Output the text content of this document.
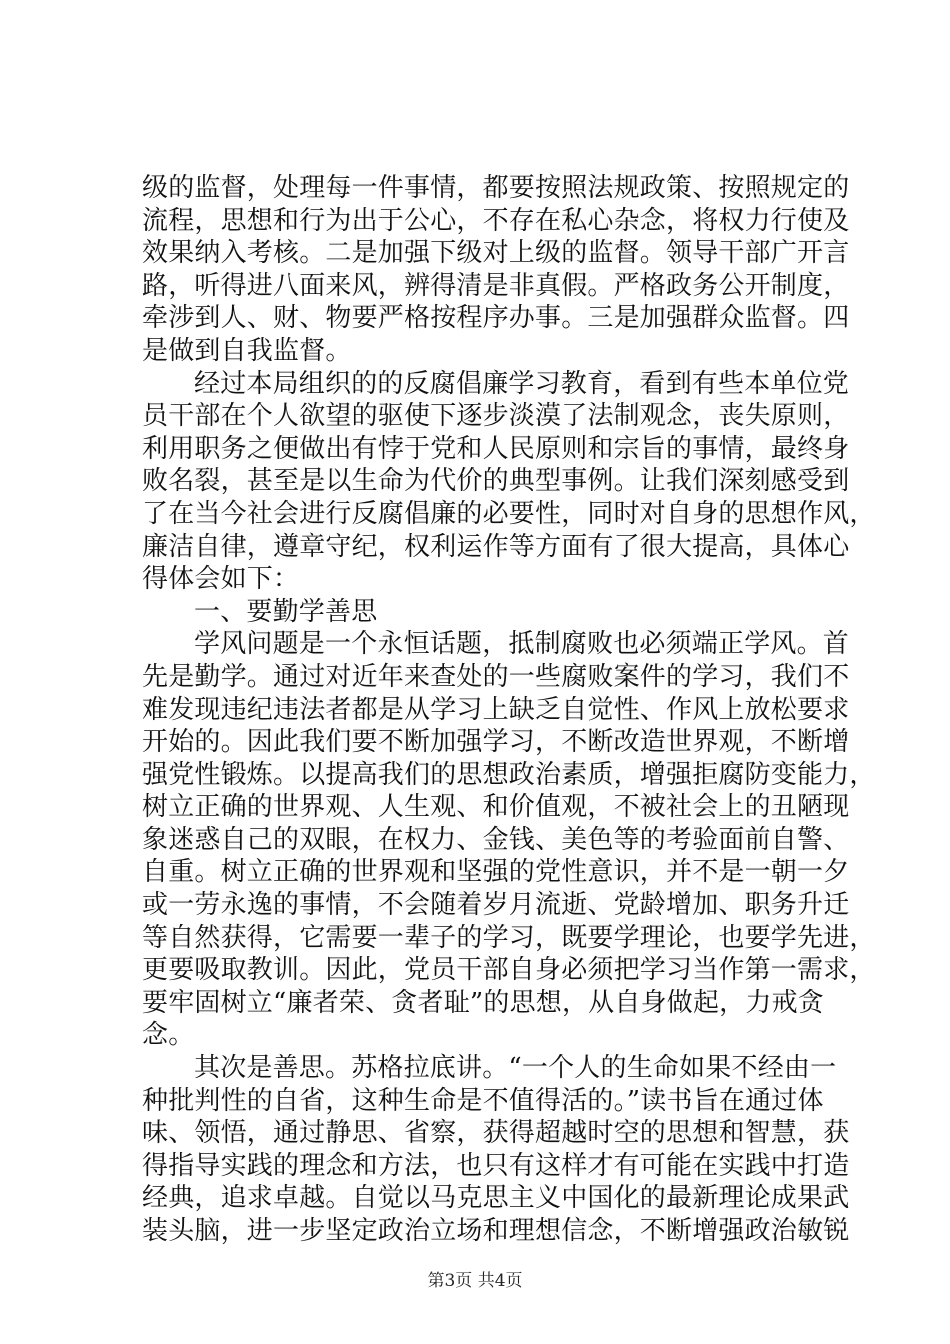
级的监督，处理每一件事情，都要按照法规政策、按照规定的
流程，思想和行为出于公心，不存在私心杂念，将权力行使及
效果纳入考核。二是加强下级对上级的监督。领导干部广开言
路，听得进八面来风，辨得清是非真假。严格政务公开制度，
牵涉到人、财、物要严格按程序办事。三是加强群众监督。四
是做到自我监督。
经过本局组织的的反腐倡廉学习教育，看到有些本单位党
员干部在个人欲望的驱使下逐步淡漠了法制观念，丧失原则，
利用职务之便做出有悖于党和人民原则和宗旨的事情，最终身
败名裂，甚至是以生命为代价的典型事例。让我们深刻感受到
了在当今社会进行反腐倡廉的必要性，同时对自身的思想作风，
廉洁自律，遵章守纪，权利运作等方面有了很大提高，具体心
得体会如下：
一、要勤学善思
学风问题是一个永恒话题，抵制腐败也必须端正学风。首
先是勤学。通过对近年来查处的一些腐败案件的学习，我们不
难发现违纪违法者都是从学习上缺乏自觉性、作风上放松要求
开始的。因此我们要不断加强学习，不断改造世界观，不断增
强党性锻炼。以提高我们的思想政治素质，增强拒腐防变能力，
树立正确的世界观、人生观、和价值观，不被社会上的丑陋现
象迷惑自己的双眼，在权力、金钱、美色等的考验面前自警、
自重。树立正确的世界观和坚强的党性意识，并不是一朝一夕
或一劳永逸的事情，不会随着岁月流逝、党龄增加、职务升迁
等自然获得，它需要一辈子的学习，既要学理论，也要学先进，
更要吸取教训。因此，党员干部自身必须把学习当作第一需求，
要牢固树立“廉者荣、贪者耻”的思想，从自身做起，力戒贪
念。
其次是善思。苏格拉底讲。“一个人的生命如果不经由一
种批判性的自省，这种生命是不值得活的。”读书旨在通过体
味、领悟，通过静思、省察，获得超越时空的思想和智慧，获
得指导实践的理念和方法，也只有这样才有可能在实践中打造
经典，追求卓越。自觉以马克思主义中国化的最新理论成果武
装头脑，进一步坚定政治立场和理想信念，不断增强政治敏锐
第3页 共4页
